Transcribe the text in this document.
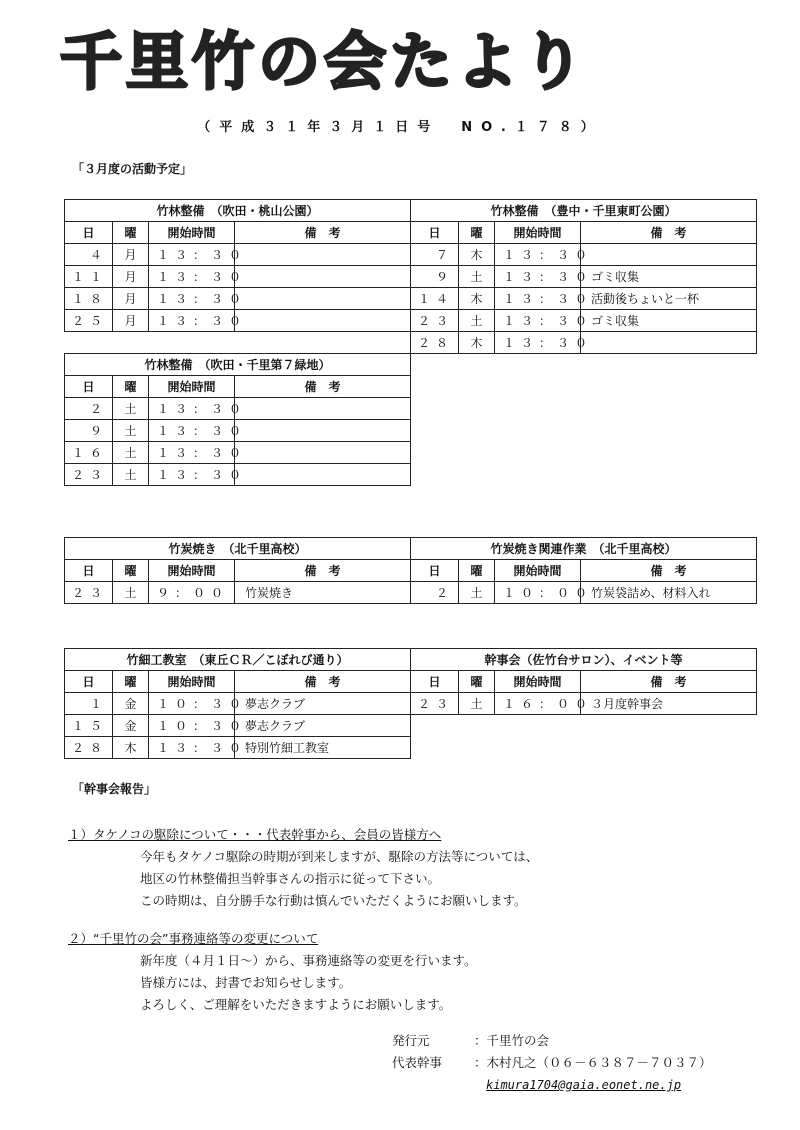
千里竹の会たより
（平成３１年３月１日号　NO.１７８）
「３月度の活動予定」
竹林整備　（吹田・桃山公園）			
日	曜	開始時間	備　考
４	月	１３：３０	
１１	月	１３：３０	
１８	月	１３：３０	
２５	月	１３：３０	
竹林整備　（豊中・千里東町公園）			
日	曜	開始時間	備　考
７	木	１３：３０	
９	土	１３：３０	ゴミ収集
１４	木	１３：３０	活動後ちょいと一杯
２３	土	１３：３０	ゴミ収集
２８	木	１３：３０	
竹林整備　（吹田・千里第７緑地）			
日	曜	開始時間	備　考
２	土	１３：３０	
９	土	１３：３０	
１６	土	１３：３０	
２３	土	１３：３０	
竹炭焼き　（北千里高校）			
日	曜	開始時間	備　考
２３	土	９：００	竹炭焼き
竹炭焼き関連作業　（北千里高校）			
日	曜	開始時間	備　考
２	土	１０：００	竹炭袋詰め、材料入れ
竹細工教室　（東丘ＣＲ／こぼれび通り）			
日	曜	開始時間	備　考
１	金	１０：３０	夢志クラブ
１５	金	１０：３０	夢志クラブ
２８	木	１３：３０	特別竹細工教室
幹事会（佐竹台サロン）、イベント等			
日	曜	開始時間	備　考
２３	土	１６：００	３月度幹事会
「幹事会報告」
１）タケノコの駆除について・・・代表幹事から、会員の皆様方へ
今年もタケノコ駆除の時期が到来しますが、駆除の方法等については、
地区の竹林整備担当幹事さんの指示に従って下さい。
この時期は、自分勝手な行動は慎んでいただくようにお願いします。
２）“千里竹の会”事務連絡等の変更について
新年度（４月１日～）から、事務連絡等の変更を行います。
皆様方には、封書でお知らせします。
よろしく、ご理解をいただきますようにお願いします。
発行元	：千里竹の会
代表幹事	：木村凡之（０６－６３８７－７０３７）
kimura1704@gaia.eonet.ne.jp
